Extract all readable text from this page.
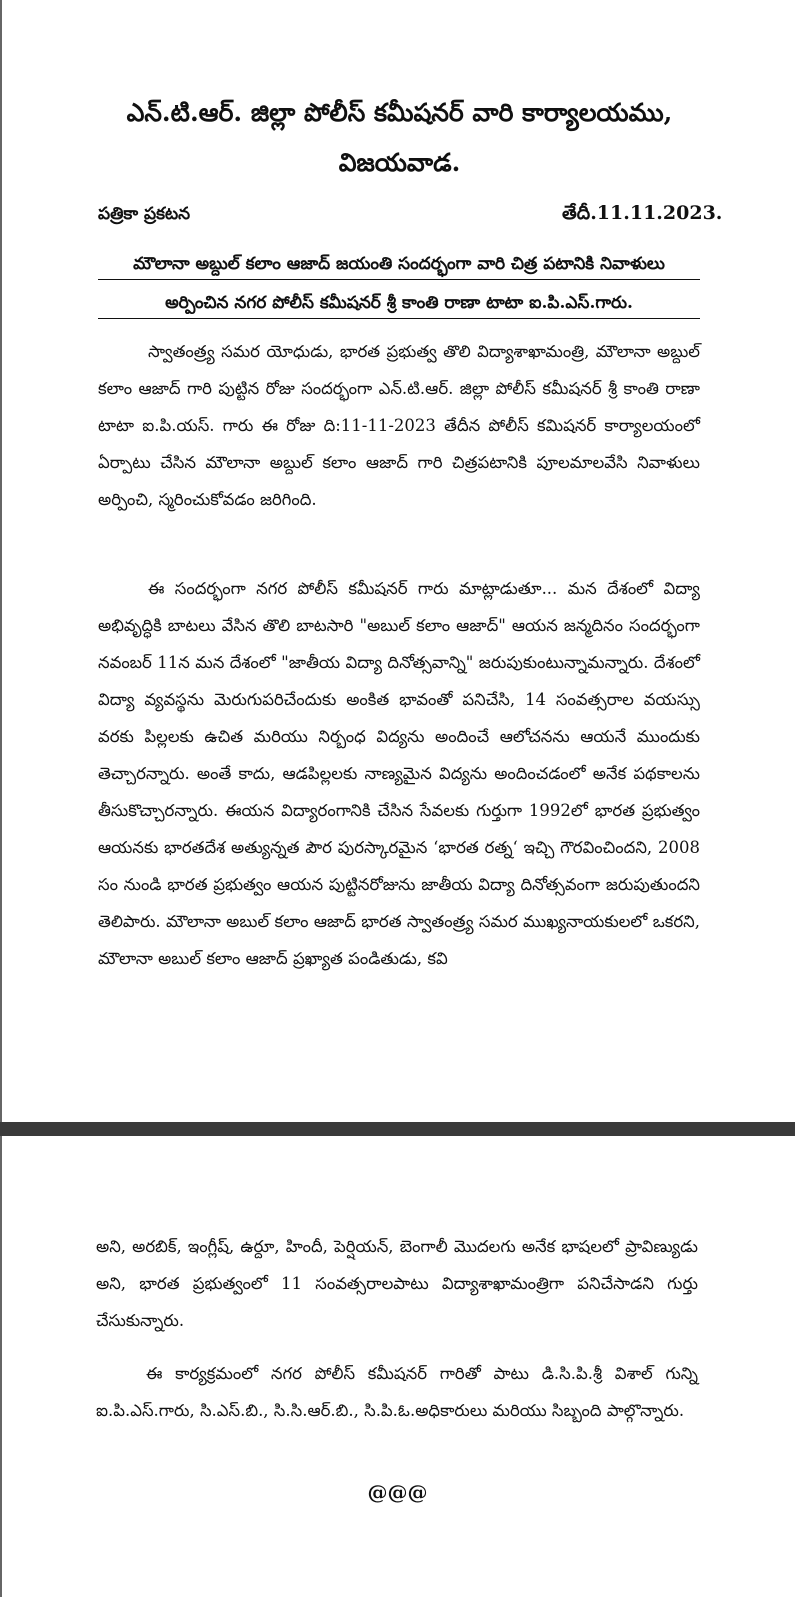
ఎన్.టి.ఆర్. జిల్లా పోలీస్ కమీషనర్ వారి కార్యాలయము,
విజయవాడ.
పత్రికా ప్రకటన	తేదీ.11.11.2023.
మౌలానా అబ్దుల్ కలాం ఆజాద్ జయంతి సందర్భంగా వారి చిత్ర పటానికి నివాళులు
అర్పించిన నగర పోలీస్ కమీషనర్ శ్రీ కాంతి రాణా టాటా ఐ.పి.ఎస్.గారు.

స్వాతంత్ర్య సమర యోధుడు, భారత ప్రభుత్వ తొలి విద్యాశాఖామంత్రి, మౌలానా అబ్దుల్ కలాం ఆజాద్ గారి పుట్టిన రోజు సందర్భంగా ఎన్.టి.ఆర్. జిల్లా పోలీస్ కమీషనర్ శ్రీ కాంతి రాణా టాటా ఐ.పి.యస్. గారు ఈ రోజు ది:11-11-2023 తేదీన పోలీస్ కమిషనర్ కార్యాలయంలో ఏర్పాటు చేసిన మౌలానా అబ్దుల్ కలాం ఆజాద్ గారి చిత్రపటానికి పూలమాలవేసి నివాళులు అర్పించి, స్మరించుకోవడం జరిగింది.

ఈ సందర్భంగా నగర పోలీస్ కమీషనర్ గారు మాట్లాడుతూ... మన దేశంలో విద్యా అభివృద్ధికి బాటలు వేసిన తొలి బాటసారి "అబుల్ కలాం ఆజాద్" ఆయన జన్మదినం సందర్భంగా నవంబర్ 11న మన దేశంలో "జాతీయ విద్యా దినోత్సవాన్ని" జరుపుకుంటున్నామన్నారు. దేశంలో విద్యా వ్యవస్థను మెరుగుపరిచేందుకు అంకిత భావంతో పనిచేసి, 14 సంవత్సరాల వయస్సు వరకు పిల్లలకు ఉచిత మరియు నిర్బంధ విద్యను అందించే ఆలోచనను ఆయనే ముందుకు తెచ్చారన్నారు. అంతే కాదు, ఆడపిల్లలకు నాణ్యమైన విద్యను అందించడంలో అనేక పథకాలను తీసుకొచ్చారన్నారు. ఈయన విద్యారంగానికి చేసిన సేవలకు గుర్తుగా 1992లో భారత ప్రభుత్వం ఆయనకు భారతదేశ అత్యున్నత పౌర పురస్కారమైన ‘భారత రత్న‘ ఇచ్చి గౌరవించిందని, 2008 సం నుండి భారత ప్రభుత్వం ఆయన పుట్టినరోజును జాతీయ విద్యా దినోత్సవంగా జరుపుతుందని తెలిపారు. మౌలానా అబుల్ కలాం ఆజాద్ భారత స్వాతంత్ర్య సమర ముఖ్యనాయకులలో ఒకరని, మౌలానా అబుల్ కలాం ఆజాద్ ప్రఖ్యాత పండితుడు, కవి

అని, అరబిక్, ఇంగ్లీష్, ఉర్దూ, హిందీ, పెర్షియన్, బెంగాలీ మొదలగు అనేక భాషలలో ప్రావిణ్యుడు అని, భారత ప్రభుత్వంలో 11 సంవత్సరాలపాటు విద్యాశాఖామంత్రిగా పనిచేసాడని గుర్తు చేసుకున్నారు.

ఈ కార్యక్రమంలో నగర పోలీస్ కమీషనర్ గారితో పాటు డి.సి.పి.శ్రీ విశాల్ గున్ని ఐ.పి.ఎస్.గారు, సి.ఎస్.బి., సి.సి.ఆర్.బి., సి.పి.ఓ.అధికారులు మరియు సిబ్బంది పాల్గొన్నారు.

@@@
